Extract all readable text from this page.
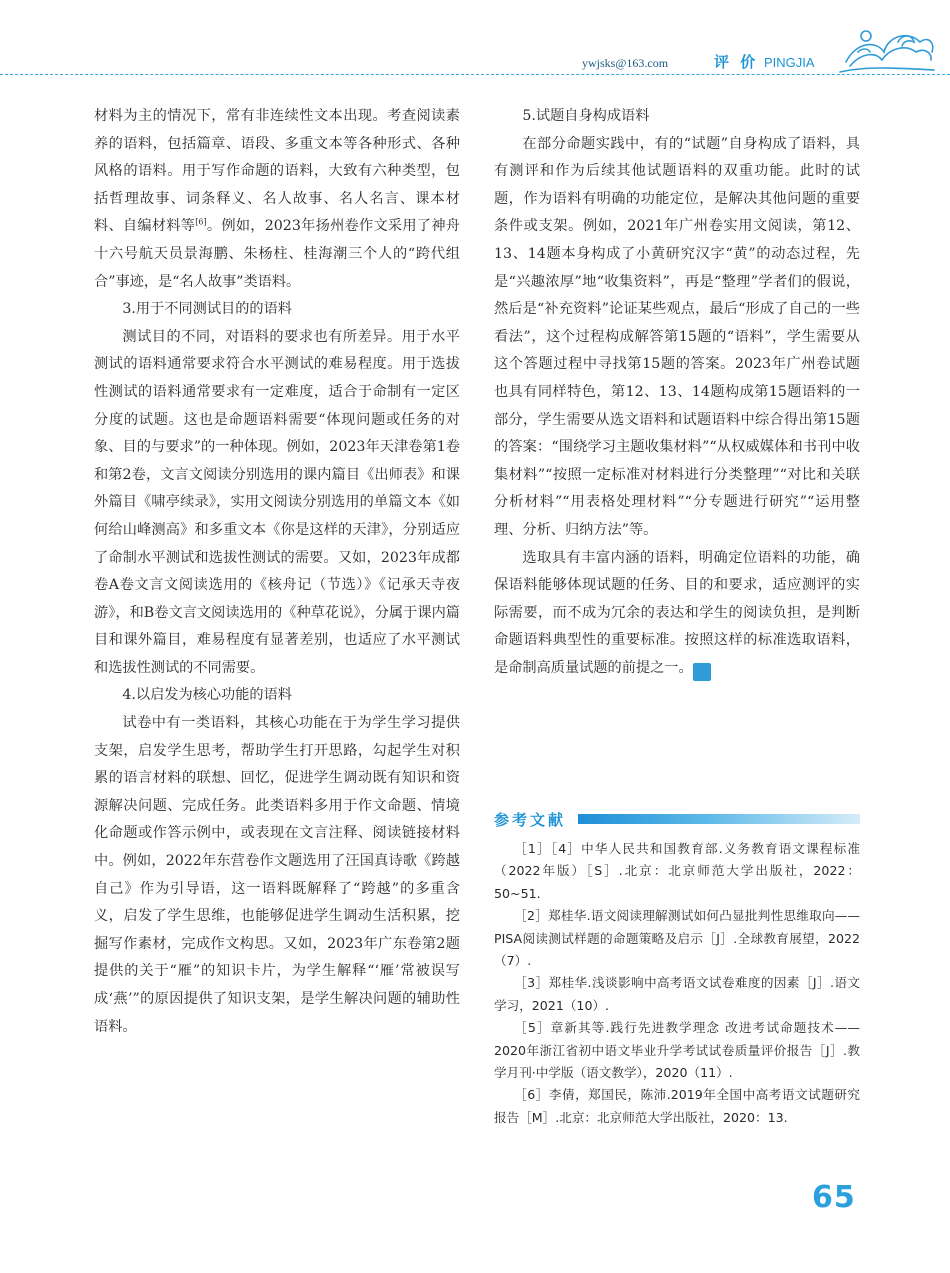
ywjsks@163.com	评 价 PINGJIA

材料为主的情况下，常有非连续性文本出现。考查阅读素养的语料，包括篇章、语段、多重文本等各种形式、各种风格的语料。用于写作命题的语料，大致有六种类型，包括哲理故事、词条释义、名人故事、名人名言、课本材料、自编材料等[6]。例如，2023年扬州卷作文采用了神舟十六号航天员景海鹏、朱杨柱、桂海潮三个人的“跨代组合”事迹，是“名人故事”类语料。

3.用于不同测试目的的语料

测试目的不同，对语料的要求也有所差异。用于水平测试的语料通常要求符合水平测试的难易程度。用于选拔性测试的语料通常要求有一定难度，适合于命制有一定区分度的试题。这也是命题语料需要“体现问题或任务的对象、目的与要求”的一种体现。例如，2023年天津卷第1卷和第2卷，文言文阅读分别选用的课内篇目《出师表》和课外篇目《啸亭续录》，实用文阅读分别选用的单篇文本《如何给山峰测高》和多重文本《你是这样的天津》，分别适应了命制水平测试和选拔性测试的需要。又如，2023年成都卷A卷文言文阅读选用的《核舟记（节选）》《记承天寺夜游》，和B卷文言文阅读选用的《种草花说》，分属于课内篇目和课外篇目，难易程度有显著差别，也适应了水平测试和选拔性测试的不同需要。

4.以启发为核心功能的语料

试卷中有一类语料，其核心功能在于为学生学习提供支架，启发学生思考，帮助学生打开思路，勾起学生对积累的语言材料的联想、回忆，促进学生调动既有知识和资源解决问题、完成任务。此类语料多用于作文命题、情境化命题或作答示例中，或表现在文言注释、阅读链接材料中。例如，2022年东营卷作文题选用了汪国真诗歌《跨越自己》作为引导语，这一语料既解释了“跨越”的多重含义，启发了学生思维，也能够促进学生调动生活积累，挖掘写作素材，完成作文构思。又如，2023年广东卷第2题提供的关于“雁”的知识卡片，为学生解释“‘雁’常被误写成‘燕’”的原因提供了知识支架，是学生解决问题的辅助性语料。

5.试题自身构成语料

在部分命题实践中，有的“试题”自身构成了语料，具有测评和作为后续其他试题语料的双重功能。此时的试题，作为语料有明确的功能定位，是解决其他问题的重要条件或支架。例如，2021年广州卷实用文阅读，第12、13、14题本身构成了小黄研究汉字“黄”的动态过程，先是“兴趣浓厚”地“收集资料”，再是“整理”学者们的假说，然后是“补充资料”论证某些观点，最后“形成了自己的一些看法”，这个过程构成解答第15题的“语料”，学生需要从这个答题过程中寻找第15题的答案。2023年广州卷试题也具有同样特色，第12、13、14题构成第15题语料的一部分，学生需要从选文语料和试题语料中综合得出第15题的答案：“围绕学习主题收集材料”“从权威媒体和书刊中收集材料”“按照一定标准对材料进行分类整理”“对比和关联分析材料”“用表格处理材料”“分专题进行研究”“运用整理、分析、归纳方法”等。

选取具有丰富内涵的语料，明确定位语料的功能，确保语料能够体现试题的任务、目的和要求，适应测评的实际需要，而不成为冗余的表达和学生的阅读负担，是判断命题语料典型性的重要标准。按照这样的标准选取语料，是命制高质量试题的前提之一。	语

参考文献

［1］［4］中华人民共和国教育部.义务教育语文课程标准（2022年版）［S］.北京：北京师范大学出版社，2022：50~51.

［2］郑桂华.语文阅读理解测试如何凸显批判性思维取向——PISA阅读测试样题的命题策略及启示［J］.全球教育展望，2022（7）.

［3］郑桂华.浅谈影响中高考语文试卷难度的因素［J］.语文学习，2021（10）.

［5］章新其等.践行先进教学理念 改进考试命题技术——2020年浙江省初中语文毕业升学考试试卷质量评价报告［J］.教学月刊·中学版（语文教学），2020（11）.

［6］李倩，郑国民，陈沛.2019年全国中高考语文试题研究报告［M］.北京：北京师范大学出版社，2020：13.

65
